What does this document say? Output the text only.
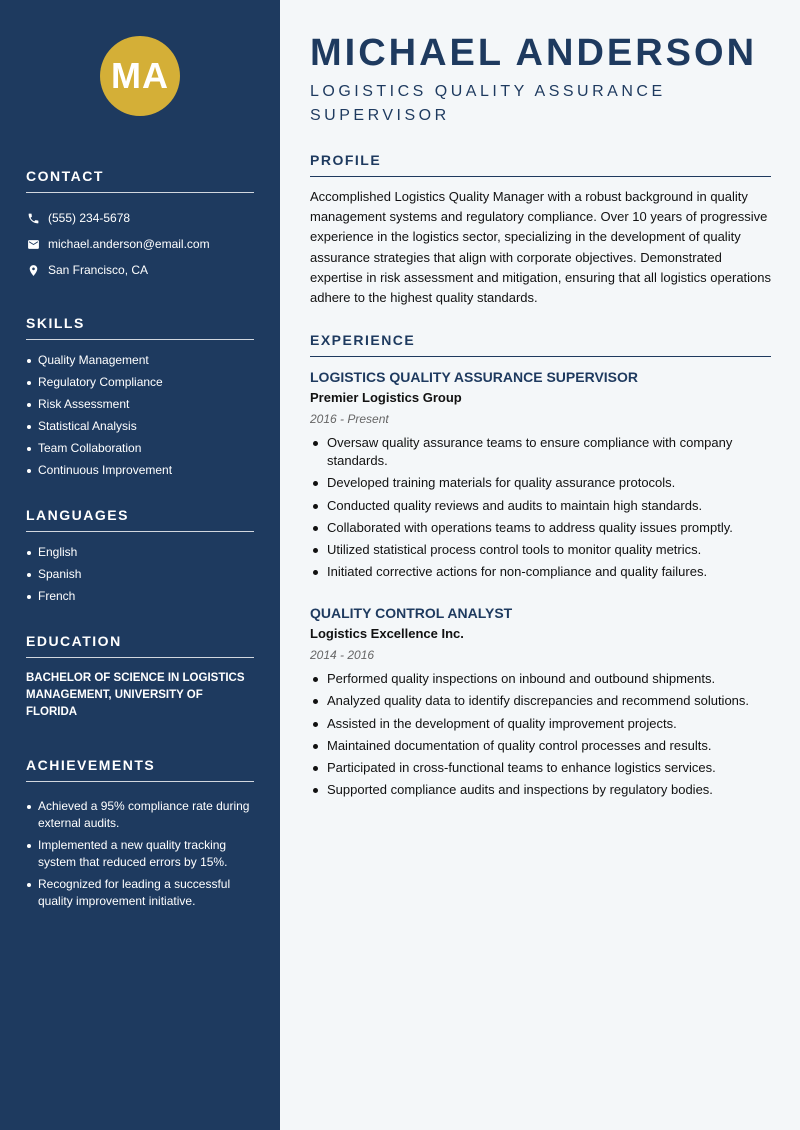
MA
CONTACT
(555) 234-5678
michael.anderson@email.com
San Francisco, CA
SKILLS
Quality Management
Regulatory Compliance
Risk Assessment
Statistical Analysis
Team Collaboration
Continuous Improvement
LANGUAGES
English
Spanish
French
EDUCATION
BACHELOR OF SCIENCE IN LOGISTICS MANAGEMENT, UNIVERSITY OF FLORIDA
ACHIEVEMENTS
Achieved a 95% compliance rate during external audits.
Implemented a new quality tracking system that reduced errors by 15%.
Recognized for leading a successful quality improvement initiative.
MICHAEL ANDERSON
LOGISTICS QUALITY ASSURANCE SUPERVISOR
PROFILE

Accomplished Logistics Quality Manager with a robust background in quality management systems and regulatory compliance. Over 10 years of progressive experience in the logistics sector, specializing in the development of quality assurance strategies that align with corporate objectives. Demonstrated expertise in risk assessment and mitigation, ensuring that all logistics operations adhere to the highest quality standards.

EXPERIENCE
LOGISTICS QUALITY ASSURANCE SUPERVISOR
Premier Logistics Group
2016 - Present
Oversaw quality assurance teams to ensure compliance with company standards.
Developed training materials for quality assurance protocols.
Conducted quality reviews and audits to maintain high standards.
Collaborated with operations teams to address quality issues promptly.
Utilized statistical process control tools to monitor quality metrics.
Initiated corrective actions for non-compliance and quality failures.
QUALITY CONTROL ANALYST
Logistics Excellence Inc.
2014 - 2016
Performed quality inspections on inbound and outbound shipments.
Analyzed quality data to identify discrepancies and recommend solutions.
Assisted in the development of quality improvement projects.
Maintained documentation of quality control processes and results.
Participated in cross-functional teams to enhance logistics services.
Supported compliance audits and inspections by regulatory bodies.
